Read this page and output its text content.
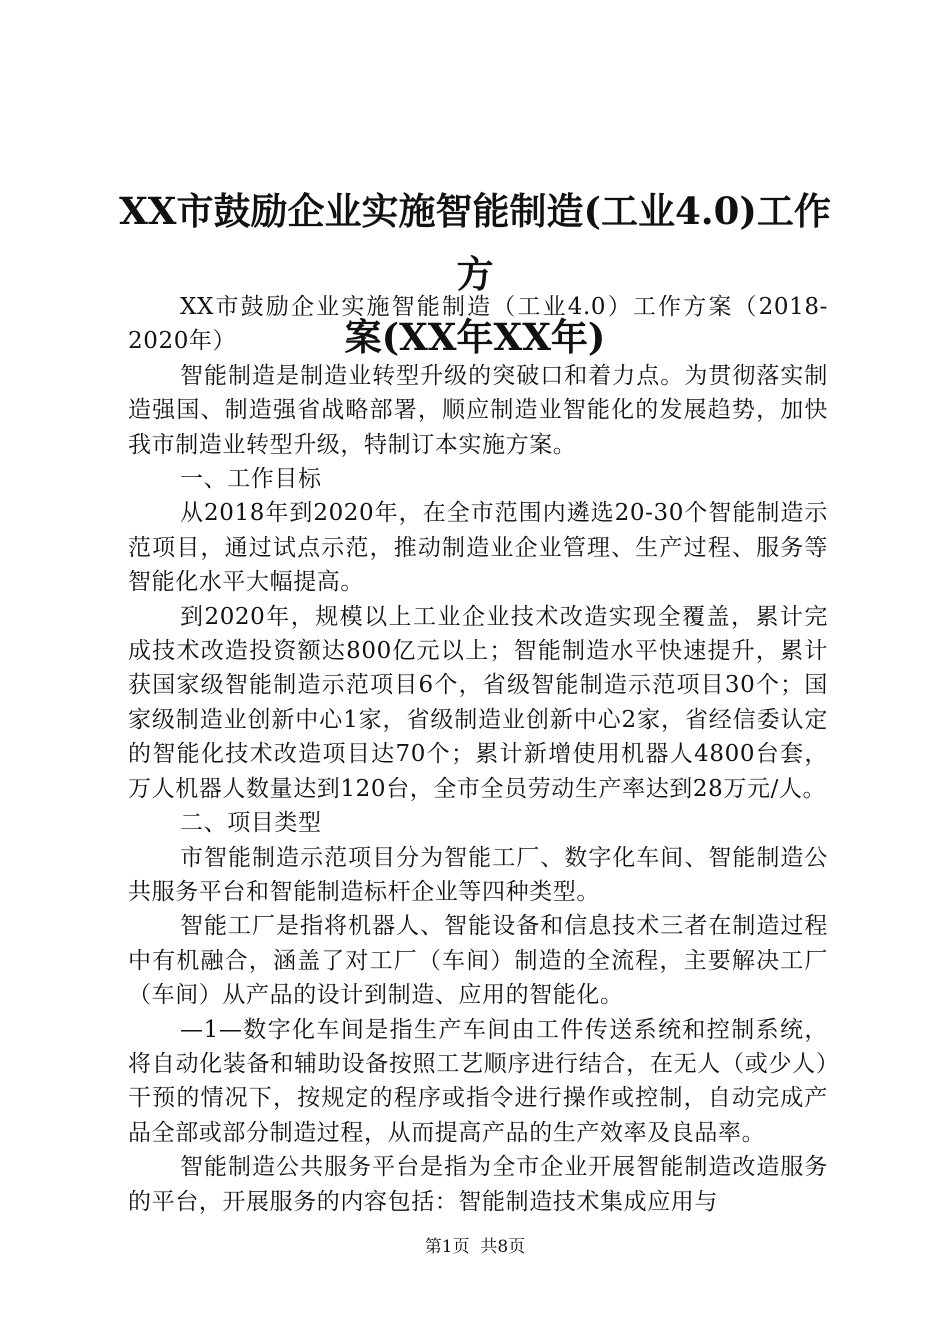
XX市鼓励企业实施智能制造(工业4.0)工作方
案(XX年XX年)

XX市鼓励企业实施智能制造（工业4.0）工作方案（2018-2020年）

智能制造是制造业转型升级的突破口和着力点。为贯彻落实制造强国、制造强省战略部署，顺应制造业智能化的发展趋势，加快我市制造业转型升级，特制订本实施方案。

一、工作目标

从2018年到2020年，在全市范围内遴选20-30个智能制造示范项目，通过试点示范，推动制造业企业管理、生产过程、服务等智能化水平大幅提高。

到2020年，规模以上工业企业技术改造实现全覆盖，累计完成技术改造投资额达800亿元以上；智能制造水平快速提升，累计获国家级智能制造示范项目6个，省级智能制造示范项目30个；国家级制造业创新中心1家，省级制造业创新中心2家，省经信委认定的智能化技术改造项目达70个；累计新增使用机器人4800台套，万人机器人数量达到120台，全市全员劳动生产率达到28万元/人。

二、项目类型

市智能制造示范项目分为智能工厂、数字化车间、智能制造公共服务平台和智能制造标杆企业等四种类型。

智能工厂是指将机器人、智能设备和信息技术三者在制造过程中有机融合，涵盖了对工厂（车间）制造的全流程，主要解决工厂（车间）从产品的设计到制造、应用的智能化。

—1—数字化车间是指生产车间由工件传送系统和控制系统，将自动化装备和辅助设备按照工艺顺序进行结合，在无人（或少人）干预的情况下，按规定的程序或指令进行操作或控制，自动完成产品全部或部分制造过程，从而提高产品的生产效率及良品率。

智能制造公共服务平台是指为全市企业开展智能制造改造服务的平台，开展服务的内容包括：智能制造技术集成应用与

第1页  共8页
